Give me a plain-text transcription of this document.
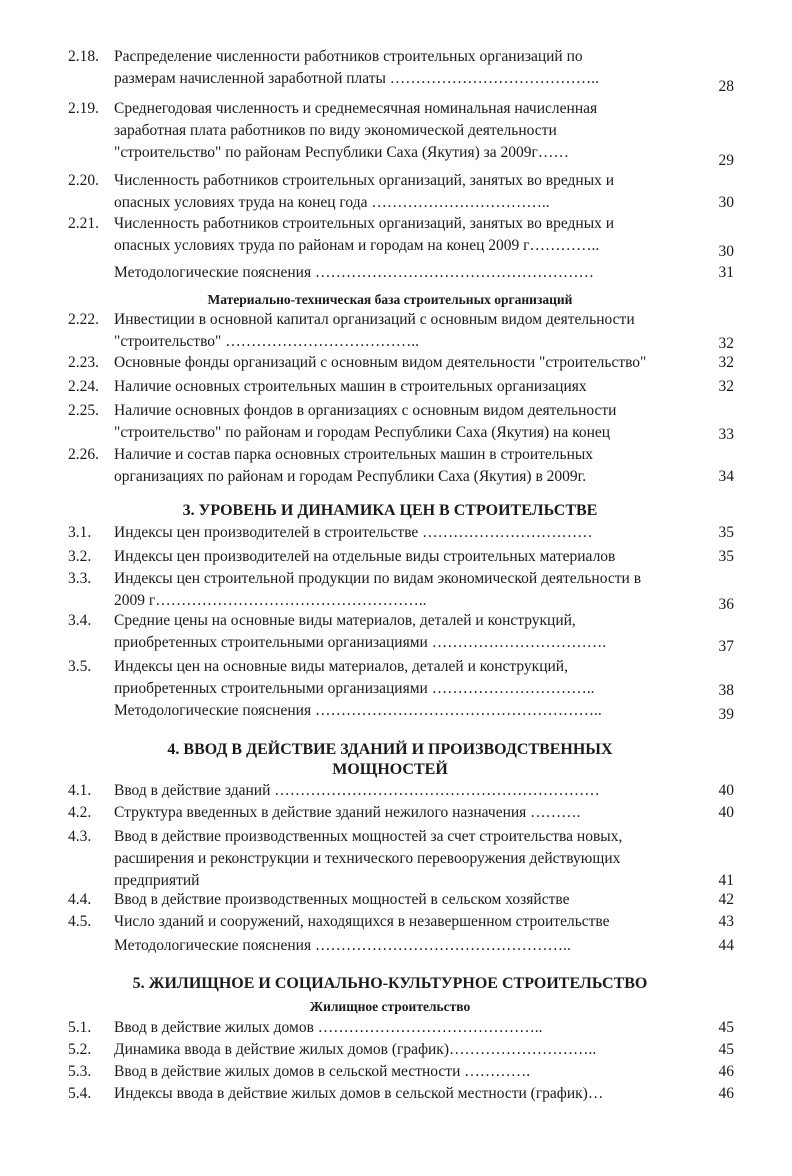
2.18. Распределение численности работников строительных организаций по
размерам начисленной заработной платы …………………………………..	28
2.19. Среднегодовая численность и среднемесячная номинальная начисленная
заработная плата работников по виду экономической деятельности
"строительство" по районам Республики Саха (Якутия) за 2009г……	29
2.20. Численность работников строительных организаций, занятых во вредных и
опасных условиях труда на конец года ……………………………..	30
2.21. Численность работников строительных организаций, занятых во вредных и
опасных условиях труда по районам и городам на конец 2009 г…………..	30
Методологические пояснения ………………………………………………	31
Материально-техническая база строительных организаций
2.22. Инвестиции в основной капитал организаций с основным видом деятельности
"строительство" ………………………………..	32
2.23. Основные фонды организаций с основным видом деятельности "строительство"	32
2.24. Наличие основных строительных машин в строительных организациях	32
2.25. Наличие основных фондов в организациях с основным видом деятельности
"строительство" по районам и городам Республики Саха (Якутия) на конец	33
2.26. Наличие и состав парка основных строительных машин в строительных
организациях по районам и городам Республики Саха (Якутия) в 2009г.	34
3. УРОВЕНЬ И ДИНАМИКА ЦЕН В СТРОИТЕЛЬСТВЕ
3.1.	Индексы цен производителей в строительстве ……………………………	35
3.2.	Индексы цен производителей на отдельные виды строительных материалов	35
3.3.	Индексы цен строительной продукции по видам экономической деятельности в
2009 г……………………………………………..	36
3.4.	Средние цены на основные виды материалов, деталей и конструкций,
приобретенных строительными организациями …………………………….	37
3.5.	Индексы цен на основные виды материалов, деталей и конструкций,
приобретенных строительными организациями …………………………..	38
Методологические пояснения ………………………………………………..	39
4. ВВОД В ДЕЙСТВИЕ ЗДАНИЙ И ПРОИЗВОДСТВЕННЫХ
МОЩНОСТЕЙ
4.1.	Ввод в действие зданий ………………………………………………………	40
4.2.	Структура введенных в действие зданий нежилого назначения ……….	40
4.3.	Ввод в действие производственных мощностей за счет строительства новых,
расширения и реконструкции и технического перевооружения действующих
предприятий	41
4.4.	Ввод в действие производственных мощностей в сельском хозяйстве	42
4.5.	Число зданий и сооружений, находящихся в незавершенном строительстве	43
Методологические пояснения …………………………………………..	44
5. ЖИЛИЩНОЕ И СОЦИАЛЬНО-КУЛЬТУРНОЕ СТРОИТЕЛЬСТВО
Жилищное строительство
5.1.	Ввод в действие жилых домов ……………………………………..	45
5.2.	Динамика ввода в действие жилых домов (график)………………………..	45
5.3.	Ввод в действие жилых домов в сельской местности ………….	46
5.4.	Индексы ввода в действие жилых домов в сельской местности (график)…	46
